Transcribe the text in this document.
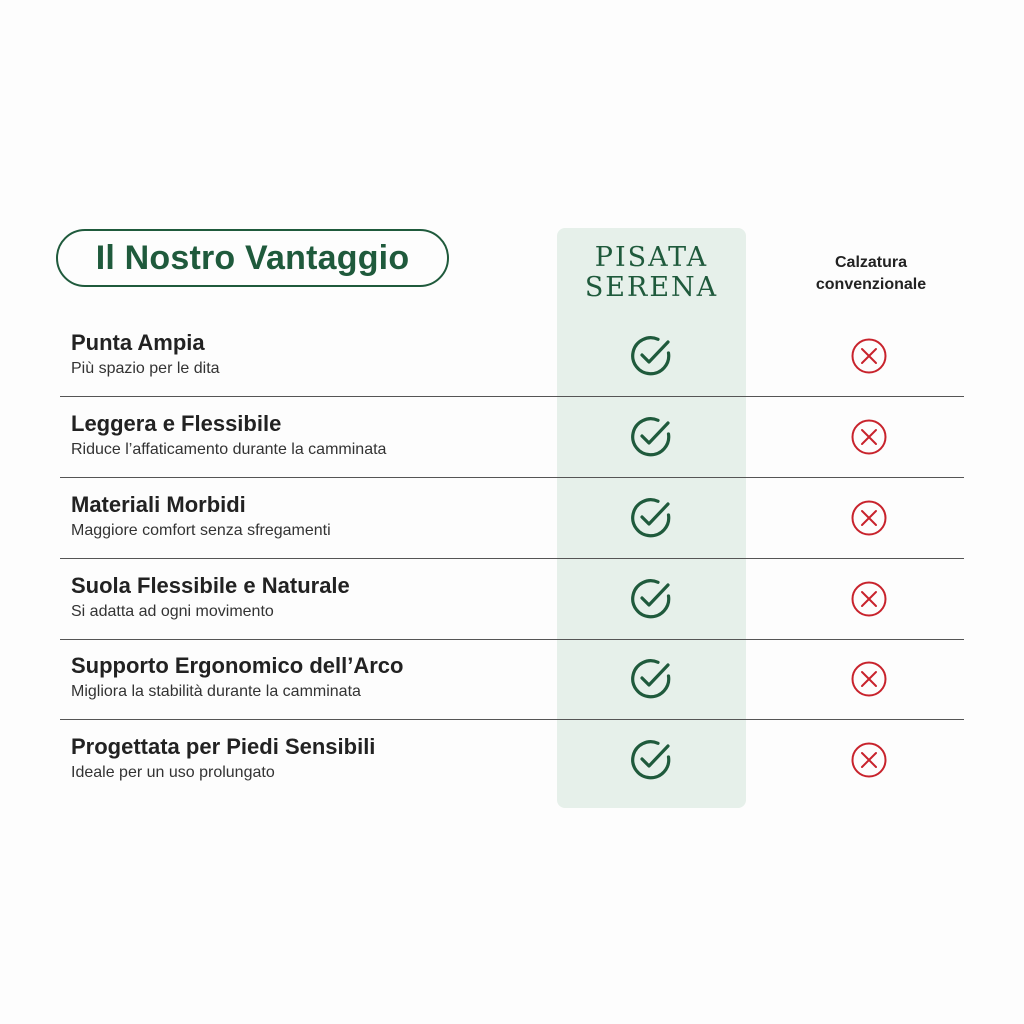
Il Nostro Vantaggio	PISATA
SERENA
Calzatura
convenzionale
Punta Ampia
Più spazio per le dita
Leggera e Flessibile
Riduce l’affaticamento durante la camminata
Materiali Morbidi
Maggiore comfort senza sfregamenti
Suola Flessibile e Naturale
Si adatta ad ogni movimento
Supporto Ergonomico dell’Arco
Migliora la stabilità durante la camminata
Progettata per Piedi Sensibili
Ideale per un uso prolungato
